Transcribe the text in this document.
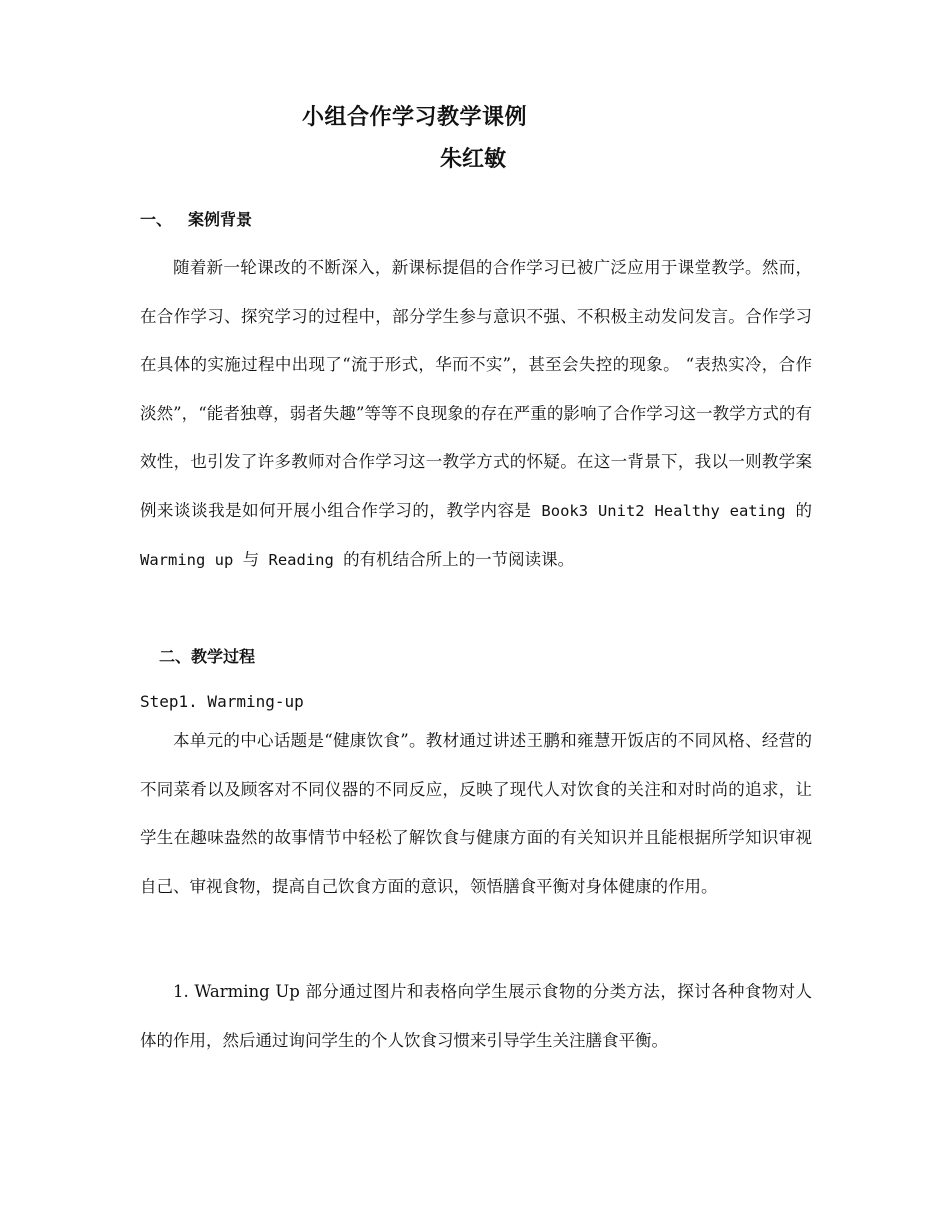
小组合作学习教学课例
朱红敏
一、 案例背景

随着新一轮课改的不断深入，新课标提倡的合作学习已被广泛应用于课堂教学。然而，在合作学习、探究学习的过程中，部分学生参与意识不强、不积极主动发问发言。合作学习在具体的实施过程中出现了“流于形式，华而不实”，甚至会失控的现象。 “表热实冷，合作淡然”，“能者独尊，弱者失趣”等等不良现象的存在严重的影响了合作学习这一教学方式的有效性，也引发了许多教师对合作学习这一教学方式的怀疑。在这一背景下，我以一则教学案例来谈谈我是如何开展小组合作学习的，教学内容是 Book3 Unit2 Healthy eating 的 Warming up 与 Reading 的有机结合所上的一节阅读课。

二、教学过程
Step1. Warming-up

本单元的中心话题是“健康饮食”。教材通过讲述王鹏和雍慧开饭店的不同风格、经营的不同菜肴以及顾客对不同仪器的不同反应，反映了现代人对饮食的关注和对时尚的追求，让学生在趣味盎然的故事情节中轻松了解饮食与健康方面的有关知识并且能根据所学知识审视自己、审视食物，提高自己饮食方面的意识，领悟膳食平衡对身体健康的作用。

1. Warming Up 部分通过图片和表格向学生展示食物的分类方法，探讨各种食物对人体的作用，然后通过询问学生的个人饮食习惯来引导学生关注膳食平衡。
